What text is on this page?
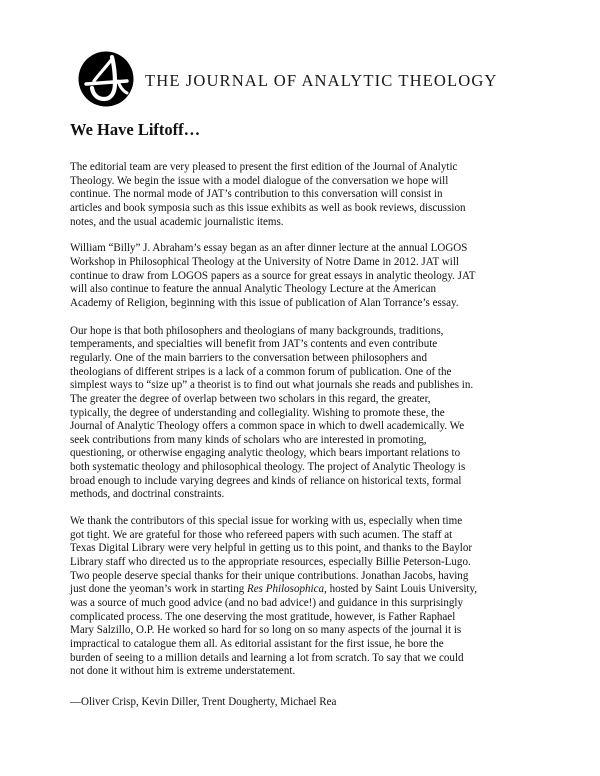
THE JOURNAL OF ANALYTIC THEOLOGY
We Have Liftoff…

The editorial team are very pleased to present the first edition of the Journal of Analytic
Theology. We begin the issue with a model dialogue of the conversation we hope will
continue. The normal mode of JAT’s contribution to this conversation will consist in
articles and book symposia such as this issue exhibits as well as book reviews, discussion
notes, and the usual academic journalistic items.

William “Billy” J. Abraham’s essay began as an after dinner lecture at the annual LOGOS
Workshop in Philosophical Theology at the University of Notre Dame in 2012. JAT will
continue to draw from LOGOS papers as a source for great essays in analytic theology. JAT
will also continue to feature the annual Analytic Theology Lecture at the American
Academy of Religion, beginning with this issue of publication of Alan Torrance’s essay.

Our hope is that both philosophers and theologians of many backgrounds, traditions,
temperaments, and specialties will benefit from JAT’s contents and even contribute
regularly. One of the main barriers to the conversation between philosophers and
theologians of different stripes is a lack of a common forum of publication. One of the
simplest ways to “size up” a theorist is to find out what journals she reads and publishes in.
The greater the degree of overlap between two scholars in this regard, the greater,
typically, the degree of understanding and collegiality. Wishing to promote these, the
Journal of Analytic Theology offers a common space in which to dwell academically. We
seek contributions from many kinds of scholars who are interested in promoting,
questioning, or otherwise engaging analytic theology, which bears important relations to
both systematic theology and philosophical theology. The project of Analytic Theology is
broad enough to include varying degrees and kinds of reliance on historical texts, formal
methods, and doctrinal constraints.

We thank the contributors of this special issue for working with us, especially when time
got tight. We are grateful for those who refereed papers with such acumen. The staff at
Texas Digital Library were very helpful in getting us to this point, and thanks to the Baylor
Library staff who directed us to the appropriate resources, especially Billie Peterson-Lugo.
Two people deserve special thanks for their unique contributions. Jonathan Jacobs, having
just done the yeoman’s work in starting Res Philosophica, hosted by Saint Louis University,
was a source of much good advice (and no bad advice!) and guidance in this surprisingly
complicated process. The one deserving the most gratitude, however, is Father Raphael
Mary Salzillo, O.P. He worked so hard for so long on so many aspects of the journal it is
impractical to catalogue them all. As editorial assistant for the first issue, he bore the
burden of seeing to a million details and learning a lot from scratch. To say that we could
not done it without him is extreme understatement.

—Oliver Crisp, Kevin Diller, Trent Dougherty, Michael Rea
